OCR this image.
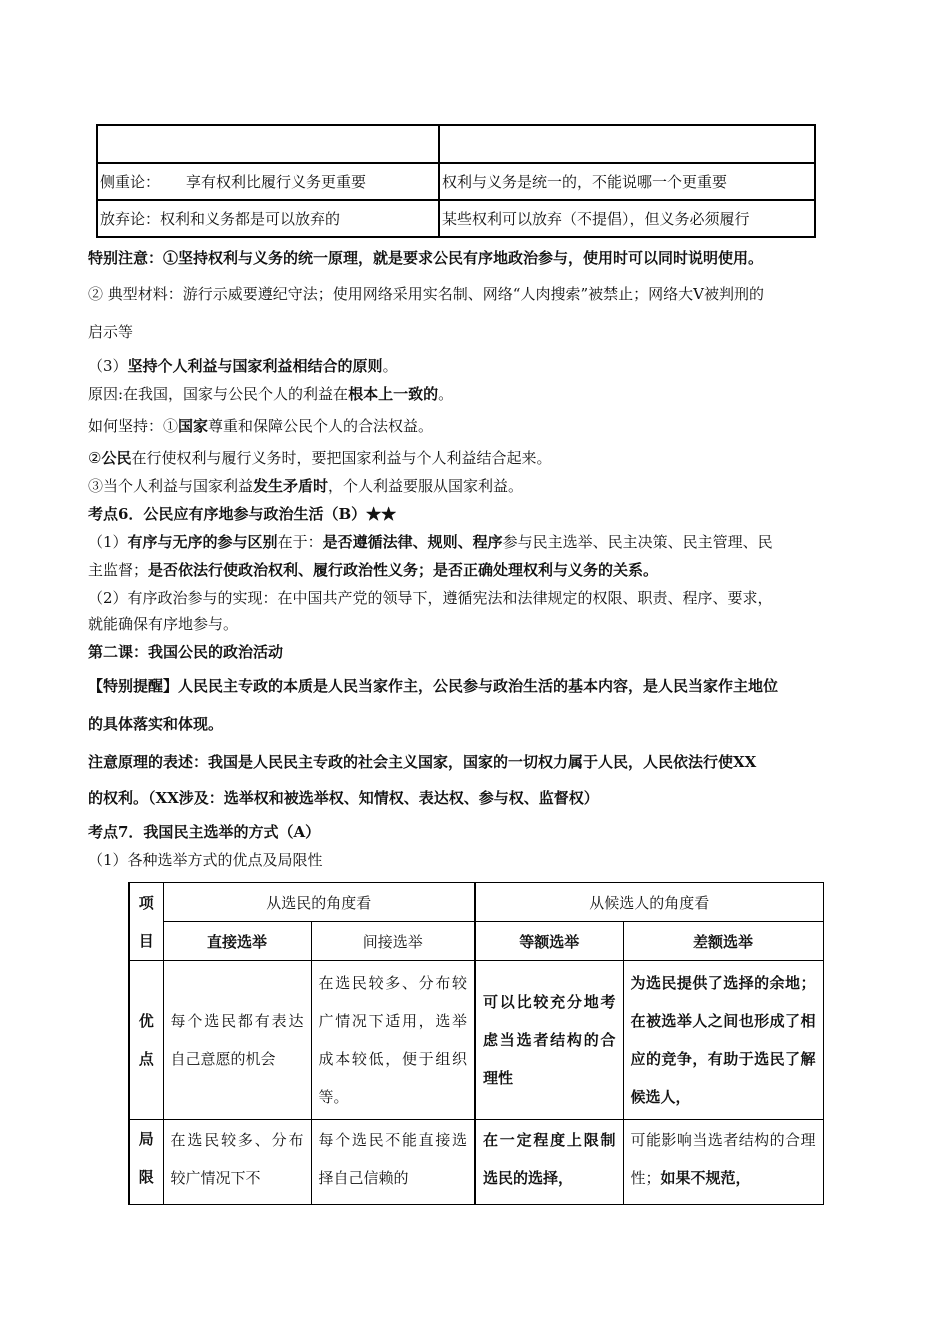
侧重论： 享有权利比履行义务更重要	权利与义务是统一的，不能说哪一个更重要
放弃论：权利和义务都是可以放弃的	某些权利可以放弃（不提倡），但义务必须履行
特别注意：①坚持权利与义务的统一原理，就是要求公民有序地政治参与，使用时可以同时说明使用。
② 典型材料：游行示威要遵纪守法；使用网络采用实名制、网络“人肉搜索”被禁止；网络大Ⅴ被判刑的
启示等
（3）坚持个人利益与国家利益相结合的原则。
原因:在我国，国家与公民个人的利益在根本上一致的。
如何坚持：①国家尊重和保障公民个人的合法权益。
②公民在行使权利与履行义务时，要把国家利益与个人利益结合起来。
③当个人利益与国家利益发生矛盾时，个人利益要服从国家利益。
考点6．公民应有序地参与政治生活（B）★★
（1）有序与无序的参与区别在于：是否遵循法律、规则、程序参与民主选举、民主决策、民主管理、民
主监督；是否依法行使政治权利、履行政治性义务；是否正确处理权利与义务的关系。
（2）有序政治参与的实现：在中国共产党的领导下，遵循宪法和法律规定的权限、职责、程序、要求，
就能确保有序地参与。
第二课：我国公民的政治活动
【特别提醒】人民民主专政的本质是人民当家作主，公民参与政治生活的基本内容，是人民当家作主地位
的具体落实和体现。
注意原理的表述：我国是人民民主专政的社会主义国家，国家的一切权力属于人民，人民依法行使XX
的权利。（XX涉及：选举权和被选举权、知情权、表达权、参与权、监督权）
考点7．我国民主选举的方式（A）
（1）各种选举方式的优点及局限性
项
目	从选民的角度看		从候选人的角度看	
	直接选举	间接选举	等额选举	差额选举

优
点	每个选民都有表达自己意愿的机会	在选民较多、分布较广情况下适用，选举成本较低，便于组织等。	可以比较充分地考虑当选者结构的合理性	为选民提供了选择的余地；在被选举人之间也形成了相应的竞争，有助于选民了解候选人，

局
限	在选民较多、分布较广情况下不	每个选民不能直接选择自己信赖的	在一定程度上限制选民的选择，	可能影响当选者结构的合理性；如果不规范，
